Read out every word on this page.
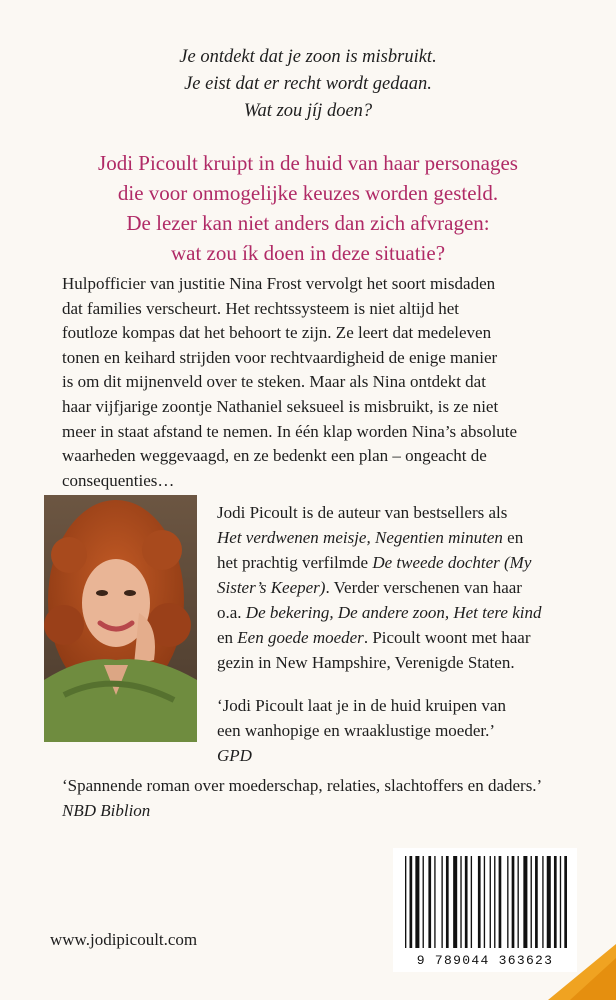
Je ontdekt dat je zoon is misbruikt.
Je eist dat er recht wordt gedaan.
Wat zou jíj doen?
Jodi Picoult kruipt in de huid van haar personages
die voor onmogelijke keuzes worden gesteld.
De lezer kan niet anders dan zich afvragen:
wat zou ík doen in deze situatie?

Hulpofficier van justitie Nina Frost vervolgt het soort misdaden

dat families verscheurt. Het rechtssysteem is niet altijd het

foutloze kompas dat het behoort te zijn. Ze leert dat medeleven

tonen en keihard strijden voor rechtvaardigheid de enige manier

is om dit mijnenveld over te steken. Maar als Nina ontdekt dat

haar vijfjarige zoontje Nathaniel seksueel is misbruikt, is ze niet

meer in staat afstand te nemen. In één klap worden Nina’s absolute

waarheden weggevaagd, en ze bedenkt een plan – ongeacht de

consequenties…

Jodi Picoult is de auteur van bestsellers als

Het verdwenen meisje, Negentien minuten en

het prachtig verfilmde De tweede dochter (My

Sister’s Keeper). Verder verschenen van haar

o.a. De bekering, De andere zoon, Het tere kind

en Een goede moeder. Picoult woont met haar

gezin in New Hampshire, Verenigde Staten.

‘Jodi Picoult laat je in de huid kruipen van
een wanhopige en wraaklustige moeder.’
GPD
‘Spannende roman over moederschap, relaties, slachtoffers en daders.’
NBD Biblion
www.jodipicoult.com
9 789044 363623
